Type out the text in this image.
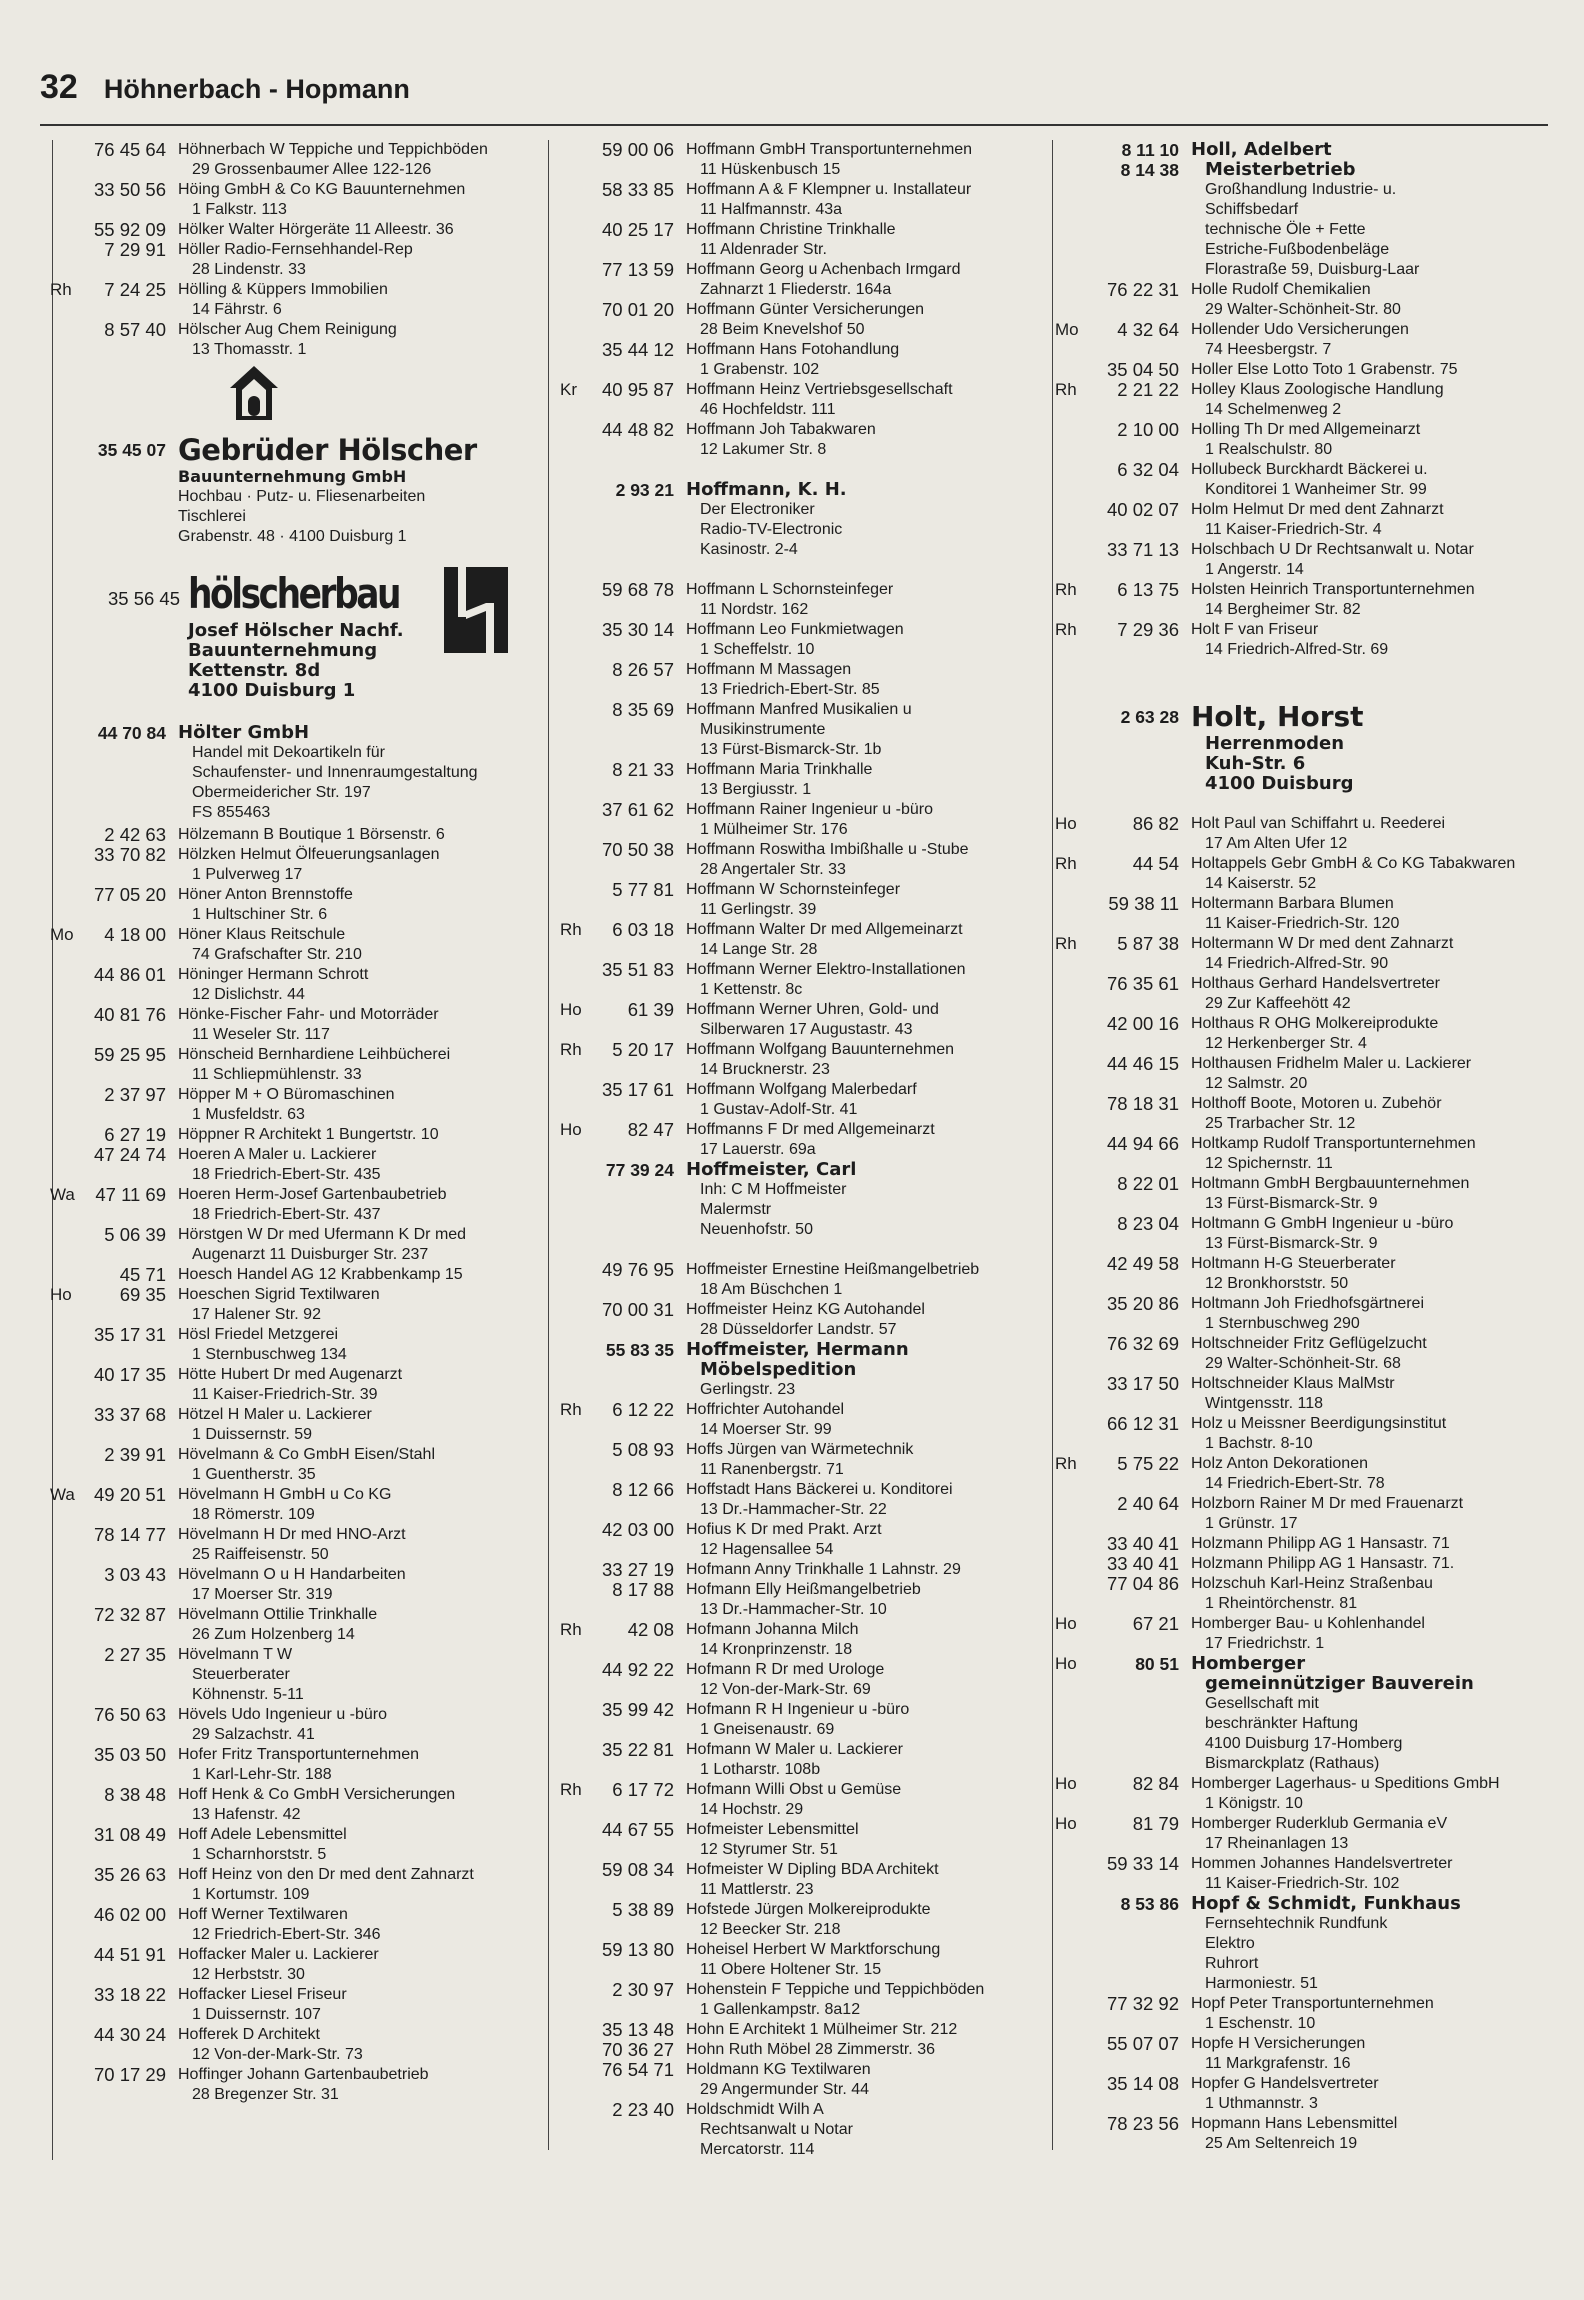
32 Höhnerbach - Hopmann
76 45 64 Höhnerbach W Teppiche und Teppichböden
29 Grossenbaumer Allee 122-126
33 50 56 Höing GmbH & Co KG Bauunternehmen
1 Falkstr. 113
55 92 09 Hölker Walter Hörgeräte 11 Alleestr. 36
7 29 91 Höller Radio-Fernsehhandel-Rep
28 Lindenstr. 33
Rh	7 24 25 Hölling & Küppers Immobilien
14 Fährstr. 6
8 57 40 Hölscher Aug Chem Reinigung
13 Thomasstr. 1
35 45 07 Gebrüder Hölscher
Bauunternehmung GmbH
Hochbau · Putz- u. Fliesenarbeiten
Tischlerei
Grabenstr. 48 · 4100 Duisburg 1
35 56 45 hölscherbau
Josef Hölscher Nachf.
Bauunternehmung
Kettenstr. 8d
4100 Duisburg 1
44 70 84 Hölter GmbH
Handel mit Dekoartikeln für
Schaufenster- und Innenraumgestaltung
Obermeidericher Str. 197
FS 855463
2 42 63 Hölzemann B Boutique 1 Börsenstr. 6
33 70 82 Hölzken Helmut Ölfeuerungsanlagen
1 Pulverweg 17
77 05 20 Höner Anton Brennstoffe
1 Hultschiner Str. 6
Mo	4 18 00 Höner Klaus Reitschule
74 Grafschafter Str. 210
44 86 01 Höninger Hermann Schrott
12 Dislichstr. 44
40 81 76 Hönke-Fischer Fahr- und Motorräder
11 Weseler Str. 117
59 25 95 Hönscheid Bernhardiene Leihbücherei
11 Schliepmühlenstr. 33
2 37 97 Höpper M + O Büromaschinen
1 Musfeldstr. 63
6 27 19 Höppner R Architekt 1 Bungertstr. 10
47 24 74 Hoeren A Maler u. Lackierer
18 Friedrich-Ebert-Str. 435
Wa	47 11 69 Hoeren Herm-Josef Gartenbaubetrieb
18 Friedrich-Ebert-Str. 437
5 06 39 Hörstgen W Dr med Ufermann K Dr med
Augenarzt 11 Duisburger Str. 237
45 71 Hoesch Handel AG 12 Krabbenkamp 15
Ho	69 35 Hoeschen Sigrid Textilwaren
17 Halener Str. 92
35 17 31 Hösl Friedel Metzgerei
1 Sternbuschweg 134
40 17 35 Hötte Hubert Dr med Augenarzt
11 Kaiser-Friedrich-Str. 39
33 37 68 Hötzel H Maler u. Lackierer
1 Duissernstr. 59
2 39 91 Hövelmann & Co GmbH Eisen/Stahl
1 Guentherstr. 35
Wa	49 20 51 Hövelmann H GmbH u Co KG
18 Römerstr. 109
78 14 77 Hövelmann H Dr med HNO-Arzt
25 Raiffeisenstr. 50
3 03 43 Hövelmann O u H Handarbeiten
17 Moerser Str. 319
72 32 87 Hövelmann Ottilie Trinkhalle
26 Zum Holzenberg 14
2 27 35 Hövelmann T W
Steuerberater
Köhnenstr. 5-11
76 50 63 Hövels Udo Ingenieur u -büro
29 Salzachstr. 41
35 03 50 Hofer Fritz Transportunternehmen
1 Karl-Lehr-Str. 188
8 38 48 Hoff Henk & Co GmbH Versicherungen
13 Hafenstr. 42
31 08 49 Hoff Adele Lebensmittel
1 Scharnhorststr. 5
35 26 63 Hoff Heinz von den Dr med dent Zahnarzt
1 Kortumstr. 109
46 02 00 Hoff Werner Textilwaren
12 Friedrich-Ebert-Str. 346
44 51 91 Hoffacker Maler u. Lackierer
12 Herbststr. 30
33 18 22 Hoffacker Liesel Friseur
1 Duissernstr. 107
44 30 24 Hofferek D Architekt
12 Von-der-Mark-Str. 73
70 17 29 Hoffinger Johann Gartenbaubetrieb
28 Bregenzer Str. 31
59 00 06 Hoffmann GmbH Transportunternehmen
11 Hüskenbusch 15
58 33 85 Hoffmann A & F Klempner u. Installateur
11 Halfmannstr. 43a
40 25 17 Hoffmann Christine Trinkhalle
11 Aldenrader Str.
77 13 59 Hoffmann Georg u Achenbach Irmgard
Zahnarzt 1 Fliederstr. 164a
70 01 20 Hoffmann Günter Versicherungen
28 Beim Knevelshof 50
35 44 12 Hoffmann Hans Fotohandlung
1 Grabenstr. 102
Kr	40 95 87 Hoffmann Heinz Vertriebsgesellschaft
46 Hochfeldstr. 111
44 48 82 Hoffmann Joh Tabakwaren
12 Lakumer Str. 8
2 93 21 Hoffmann, K. H.
Der Electroniker
Radio-TV-Electronic
Kasinostr. 2-4
59 68 78 Hoffmann L Schornsteinfeger
11 Nordstr. 162
35 30 14 Hoffmann Leo Funkmietwagen
1 Scheffelstr. 10
8 26 57 Hoffmann M Massagen
13 Friedrich-Ebert-Str. 85
8 35 69 Hoffmann Manfred Musikalien u
Musikinstrumente
13 Fürst-Bismarck-Str. 1b
8 21 33 Hoffmann Maria Trinkhalle
13 Bergiusstr. 1
37 61 62 Hoffmann Rainer Ingenieur u -büro
1 Mülheimer Str. 176
70 50 38 Hoffmann Roswitha Imbißhalle u -Stube
28 Angertaler Str. 33
5 77 81 Hoffmann W Schornsteinfeger
11 Gerlingstr. 39
Rh	6 03 18 Hoffmann Walter Dr med Allgemeinarzt
14 Lange Str. 28
35 51 83 Hoffmann Werner Elektro-Installationen
1 Kettenstr. 8c
Ho	61 39 Hoffmann Werner Uhren, Gold- und
Silberwaren 17 Augustastr. 43
Rh	5 20 17 Hoffmann Wolfgang Bauunternehmen
14 Brucknerstr. 23
35 17 61 Hoffmann Wolfgang Malerbedarf
1 Gustav-Adolf-Str. 41
Ho	82 47 Hoffmanns F Dr med Allgemeinarzt
17 Lauerstr. 69a
77 39 24 Hoffmeister, Carl
Inh: C M Hoffmeister
Malermstr
Neuenhofstr. 50
49 76 95 Hoffmeister Ernestine Heißmangelbetrieb
18 Am Büschchen 1
70 00 31 Hoffmeister Heinz KG Autohandel
28 Düsseldorfer Landstr. 57
55 83 35 Hoffmeister, Hermann
Möbelspedition
Gerlingstr. 23
Rh	6 12 22 Hoffrichter Autohandel
14 Moerser Str. 99
5 08 93 Hoffs Jürgen van Wärmetechnik
11 Ranenbergstr. 71
8 12 66 Hoffstadt Hans Bäckerei u. Konditorei
13 Dr.-Hammacher-Str. 22
42 03 00 Hofius K Dr med Prakt. Arzt
12 Hagensallee 54
33 27 19 Hofmann Anny Trinkhalle 1 Lahnstr. 29
8 17 88 Hofmann Elly Heißmangelbetrieb
13 Dr.-Hammacher-Str. 10
Rh	42 08 Hofmann Johanna Milch
14 Kronprinzenstr. 18
44 92 22 Hofmann R Dr med Urologe
12 Von-der-Mark-Str. 69
35 99 42 Hofmann R H Ingenieur u -büro
1 Gneisenaustr. 69
35 22 81 Hofmann W Maler u. Lackierer
1 Lotharstr. 108b
Rh	6 17 72 Hofmann Willi Obst u Gemüse
14 Hochstr. 29
44 67 55 Hofmeister Lebensmittel
12 Styrumer Str. 51
59 08 34 Hofmeister W Dipling BDA Architekt
11 Mattlerstr. 23
5 38 89 Hofstede Jürgen Molkereiprodukte
12 Beecker Str. 218
59 13 80 Hoheisel Herbert W Marktforschung
11 Obere Holtener Str. 15
2 30 97 Hohenstein F Teppiche und Teppichböden
1 Gallenkampstr. 8a12
35 13 48 Hohn E Architekt 1 Mülheimer Str. 212
70 36 27 Hohn Ruth Möbel 28 Zimmerstr. 36
76 54 71 Holdmann KG Textilwaren
29 Angermunder Str. 44
2 23 40 Holdschmidt Wilh A
Rechtsanwalt u Notar
Mercatorstr. 114
8 11 10 Holl, Adelbert
8 14 38	Meisterbetrieb
Großhandlung Industrie- u.
Schiffsbedarf
technische Öle + Fette
Estriche-Fußbodenbeläge
Florastraße 59, Duisburg-Laar
76 22 31 Holle Rudolf Chemikalien
29 Walter-Schönheit-Str. 80
Mo	4 32 64 Hollender Udo Versicherungen
74 Heesbergstr. 7
35 04 50 Holler Else Lotto Toto 1 Grabenstr. 75
Rh	2 21 22 Holley Klaus Zoologische Handlung
14 Schelmenweg 2
2 10 00 Holling Th Dr med Allgemeinarzt
1 Realschulstr. 80
6 32 04 Hollubeck Burckhardt Bäckerei u.
Konditorei 1 Wanheimer Str. 99
40 02 07 Holm Helmut Dr med dent Zahnarzt
11 Kaiser-Friedrich-Str. 4
33 71 13 Holschbach U Dr Rechtsanwalt u. Notar
1 Angerstr. 14
Rh	6 13 75 Holsten Heinrich Transportunternehmen
14 Bergheimer Str. 82
Rh	7 29 36 Holt F van Friseur
14 Friedrich-Alfred-Str. 69
2 63 28 Holt, Horst
Herrenmoden
Kuh-Str. 6
4100 Duisburg
Ho	86 82 Holt Paul van Schiffahrt u. Reederei
17 Am Alten Ufer 12
Rh	44 54 Holtappels Gebr GmbH & Co KG Tabakwaren
14 Kaiserstr. 52
59 38 11 Holtermann Barbara Blumen
11 Kaiser-Friedrich-Str. 120
Rh	5 87 38 Holtermann W Dr med dent Zahnarzt
14 Friedrich-Alfred-Str. 90
76 35 61 Holthaus Gerhard Handelsvertreter
29 Zur Kaffeehött 42
42 00 16 Holthaus R OHG Molkereiprodukte
12 Herkenberger Str. 4
44 46 15 Holthausen Fridhelm Maler u. Lackierer
12 Salmstr. 20
78 18 31 Holthoff Boote, Motoren u. Zubehör
25 Trarbacher Str. 12
44 94 66 Holtkamp Rudolf Transportunternehmen
12 Spichernstr. 11
8 22 01 Holtmann GmbH Bergbauunternehmen
13 Fürst-Bismarck-Str. 9
8 23 04 Holtmann G GmbH Ingenieur u -büro
13 Fürst-Bismarck-Str. 9
42 49 58 Holtmann H-G Steuerberater
12 Bronkhorststr. 50
35 20 86 Holtmann Joh Friedhofsgärtnerei
1 Sternbuschweg 290
76 32 69 Holtschneider Fritz Geflügelzucht
29 Walter-Schönheit-Str. 68
33 17 50 Holtschneider Klaus MalMstr
Wintgensstr. 118
66 12 31 Holz u Meissner Beerdigungsinstitut
1 Bachstr. 8-10
Rh	5 75 22 Holz Anton Dekorationen
14 Friedrich-Ebert-Str. 78
2 40 64 Holzborn Rainer M Dr med Frauenarzt
1 Grünstr. 17
33 40 41 Holzmann Philipp AG 1 Hansastr. 71
33 40 41 Holzmann Philipp AG 1 Hansastr. 71.
77 04 86 Holzschuh Karl-Heinz Straßenbau
1 Rheintörchenstr. 81
Ho	67 21 Homberger Bau- u Kohlenhandel
17 Friedrichstr. 1
Ho	80 51 Homberger
gemeinnütziger Bauverein
Gesellschaft mit
beschränkter Haftung
4100 Duisburg 17-Homberg
Bismarckplatz (Rathaus)
Ho	82 84 Homberger Lagerhaus- u Speditions GmbH
1 Königstr. 10
Ho	81 79 Homberger Ruderklub Germania eV
17 Rheinanlagen 13
59 33 14 Hommen Johannes Handelsvertreter
11 Kaiser-Friedrich-Str. 102
8 53 86 Hopf & Schmidt, Funkhaus
Fernsehtechnik Rundfunk
Elektro
Ruhrort
Harmoniestr. 51
77 32 92 Hopf Peter Transportunternehmen
1 Eschenstr. 10
55 07 07 Hopfe H Versicherungen
11 Markgrafenstr. 16
35 14 08 Hopfer G Handelsvertreter
1 Uthmannstr. 3
78 23 56 Hopmann Hans Lebensmittel
25 Am Seltenreich 19
